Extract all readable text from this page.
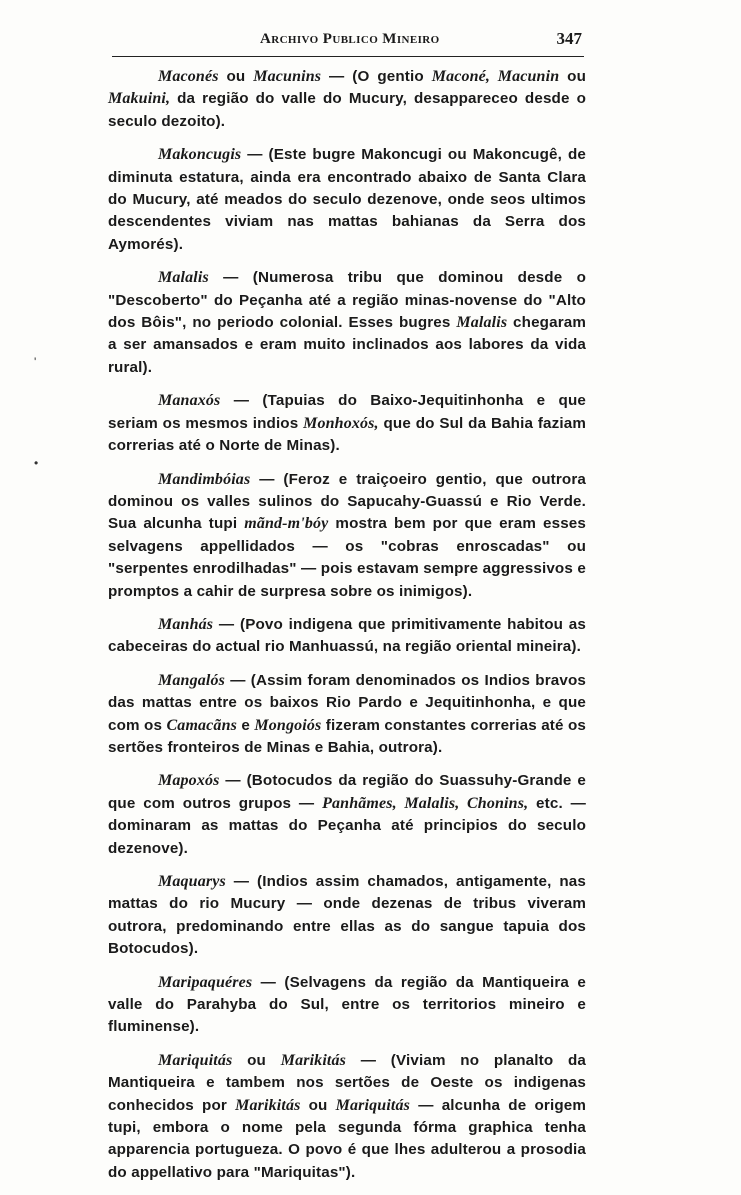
Archivo Publico Mineiro	347
'
•

Maconés ou Macunins — (O gentio Maconé, Macunin ou Makuini, da região do valle do Mucury, desappareceo desde o seculo dezoito).

Makoncugis — (Este bugre Makoncugi ou Makoncugê, de diminuta estatura, ainda era encontrado abaixo de Santa Clara do Mucury, até meados do seculo dezenove, onde seos ultimos descendentes viviam nas mattas bahianas da Serra dos Aymorés).

Malalis — (Numerosa tribu que dominou desde o "Descoberto" do Peçanha até a região minas-novense do "Alto dos Bôis", no periodo colonial. Esses bugres Malalis chegaram a ser amansados e eram muito inclinados aos labores da vida rural).

Manaxós — (Tapuias do Baixo-Jequitinhonha e que seriam os mesmos indios Monhoxós, que do Sul da Bahia faziam correrias até o Norte de Minas).

Mandimbóias — (Feroz e traiçoeiro gentio, que outrora dominou os valles sulinos do Sapucahy-Guassú e Rio Verde. Sua alcunha tupi mãnd-m'bóy mostra bem por que eram esses selvagens appellidados — os "cobras enroscadas" ou "serpentes enrodilhadas" — pois estavam sempre aggressivos e promptos a cahir de surpresa sobre os inimigos).

Manhás — (Povo indigena que primitivamente habitou as cabeceiras do actual rio Manhuassú, na região oriental mineira).

Mangalós — (Assim foram denominados os Indios bravos das mattas entre os baixos Rio Pardo e Jequitinhonha, e que com os Camacãns e Mongoiós fizeram constantes correrias até os sertões fronteiros de Minas e Bahia, outrora).

Mapoxós — (Botocudos da região do Suassuhy-Grande e que com outros grupos — Panhãmes, Malalis, Chonins, etc. — dominaram as mattas do Peçanha até principios do seculo dezenove).

Maquarys — (Indios assim chamados, antigamente, nas mattas do rio Mucury — onde dezenas de tribus viveram outrora, predominando entre ellas as do sangue tapuia dos Botocudos).

Maripaquéres — (Selvagens da região da Mantiqueira e valle do Parahyba do Sul, entre os territorios mineiro e fluminense).

Mariquitás ou Marikitás — (Viviam no planalto da Mantiqueira e tambem nos sertões de Oeste os indigenas conhecidos por Marikitás ou Mariquitás — alcunha de origem tupi, embora o nome pela segunda fórma graphica tenha apparencia portugueza. O povo é que lhes adulterou a prosodia do appellativo para "Mariquitas").
